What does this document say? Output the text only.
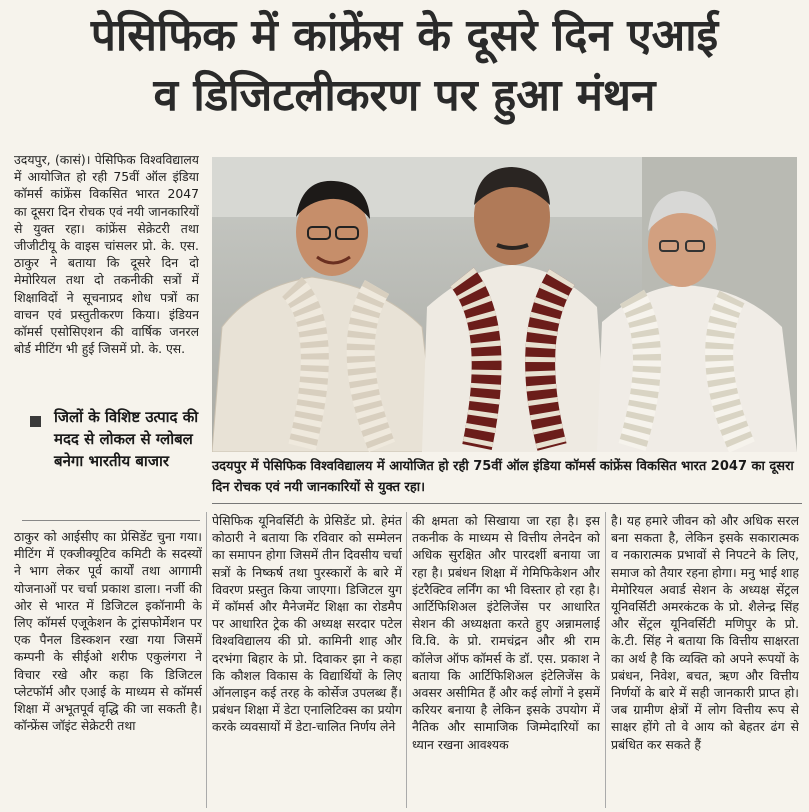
पेसिफिक में कांफ्रेंस के दूसरे दिन एआई
व डिजिटलीकरण पर हुआ मंथन
उदयपुर, (कासं)। पेसिफिक विश्वविद्यालय में आयोजित हो रही 75वीं ऑल इंडिया कॉमर्स कांफ्रेंस विकसित भारत 2047 का दूसरा दिन रोचक एवं नयी जानकारियों से युक्त रहा। कांफ्रेंस सेक्रेटरी तथा जीजीटीयू के वाइस चांसलर प्रो. के. एस. ठाकुर ने बताया कि दूसरे दिन दो मेमोरियल तथा दो तकनीकी सत्रों में शिक्षाविदों ने सूचनाप्रद शोध पत्रों का वाचन एवं प्रस्तुतीकरण किया। इंडियन कॉमर्स एसोसिएशन की वार्षिक जनरल बोर्ड मीटिंग भी हुई जिसमें प्रो. के. एस.
जिलों के विशिष्ट उत्पाद की मदद से लोकल से ग्लोबल बनेगा भारतीय बाजार	उदयपुर में पेसिफिक विश्वविद्यालय में आयोजित हो रही 75वीं ऑल इंडिया कॉमर्स कांफ्रेंस विकसित भारत 2047 का दूसरा दिन रोचक एवं नयी जानकारियों से युक्त रहा।
ठाकुर को आईसीए का प्रेसिडेंट चुना गया। मीटिंग में एक्जीक्यूटिव कमिटी के सदस्यों ने भाग लेकर पूर्व कार्यों तथा आगामी योजनाओं पर चर्चा प्रकाश डाला। नर्जी की ओर से भारत में डिजिटल इकॉनामी के लिए कॉमर्स एजूकेशन के ट्रांसफोर्मेशन पर एक पैनल डिस्कशन रखा गया जिसमें कम्पनी के सीईओ शरीफ एकुलंगरा ने विचार रखे और कहा कि डिजिटल प्लेटफॉर्म और एआई के माध्यम से कॉमर्स शिक्षा में अभूतपूर्व वृद्धि की जा सकती है। कॉन्फ्रेंस जॉइंट सेक्रेटरी तथा
पेसिफिक यूनिवर्सिटी के प्रेसिडेंट प्रो. हेमंत कोठारी ने बताया कि रविवार को सम्मेलन का समापन होगा जिसमें तीन दिवसीय चर्चा सत्रों के निष्कर्ष तथा पुरस्कारों के बारे में विवरण प्रस्तुत किया जाएगा। डिजिटल युग में कॉमर्स और मैनेजमेंट शिक्षा का रोडमैप पर आधारित ट्रेक की अध्यक्ष सरदार पटेल विश्वविद्यालय की प्रो. कामिनी शाह और दरभंगा बिहार के प्रो. दिवाकर झा ने कहा कि कौशल विकास के विद्यार्थियों के लिए ऑनलाइन कई तरह के कोर्सेज उपलब्ध हैं। प्रबंधन शिक्षा में डेटा एनालिटिक्स का प्रयोग करके व्यवसायों में डेटा-चालित निर्णय लेने
की क्षमता को सिखाया जा रहा है। इस तकनीक के माध्यम से वित्तीय लेनदेन को अधिक सुरक्षित और पारदर्शी बनाया जा रहा है। प्रबंधन शिक्षा में गेमिफिकेशन और इंटरैक्टिव लर्निंग का भी विस्तार हो रहा है। आर्टिफिशिअल इंटेलिजेंस पर आधारित सेशन की अध्यक्षता करते हुए अन्नामलाई वि.वि. के प्रो. रामचंद्रन और श्री राम कॉलेज ऑफ कॉमर्स के डॉ. एस. प्रकाश ने बताया कि आर्टिफिशिअल इंटेलिजेंस के अवसर असीमित हैं और कई लोगों ने इसमें करियर बनाया है लेकिन इसके उपयोग में नैतिक और सामाजिक जिम्मेदारियों का ध्यान रखना आवश्यक
है। यह हमारे जीवन को और अधिक सरल बना सकता है, लेकिन इसके सकारात्मक व नकारात्मक प्रभावों से निपटने के लिए, समाज को तैयार रहना होगा। मनु भाई शाह मेमोरियल अवार्ड सेशन के अध्यक्ष सेंट्रल यूनिवर्सिटी अमरकंटक के प्रो. शैलेन्द्र सिंह और सेंट्रल यूनिवर्सिटी मणिपुर के प्रो. के.टी. सिंह ने बताया कि वित्तीय साक्षरता का अर्थ है कि व्यक्ति को अपने रूपयों के प्रबंधन, निवेश, बचत, ऋण और वित्तीय निर्णयों के बारे में सही जानकारी प्राप्त हो। जब ग्रामीण क्षेत्रों में लोग वित्तीय रूप से साक्षर होंगे तो वे आय को बेहतर ढंग से प्रबंधित कर सकते हैं
